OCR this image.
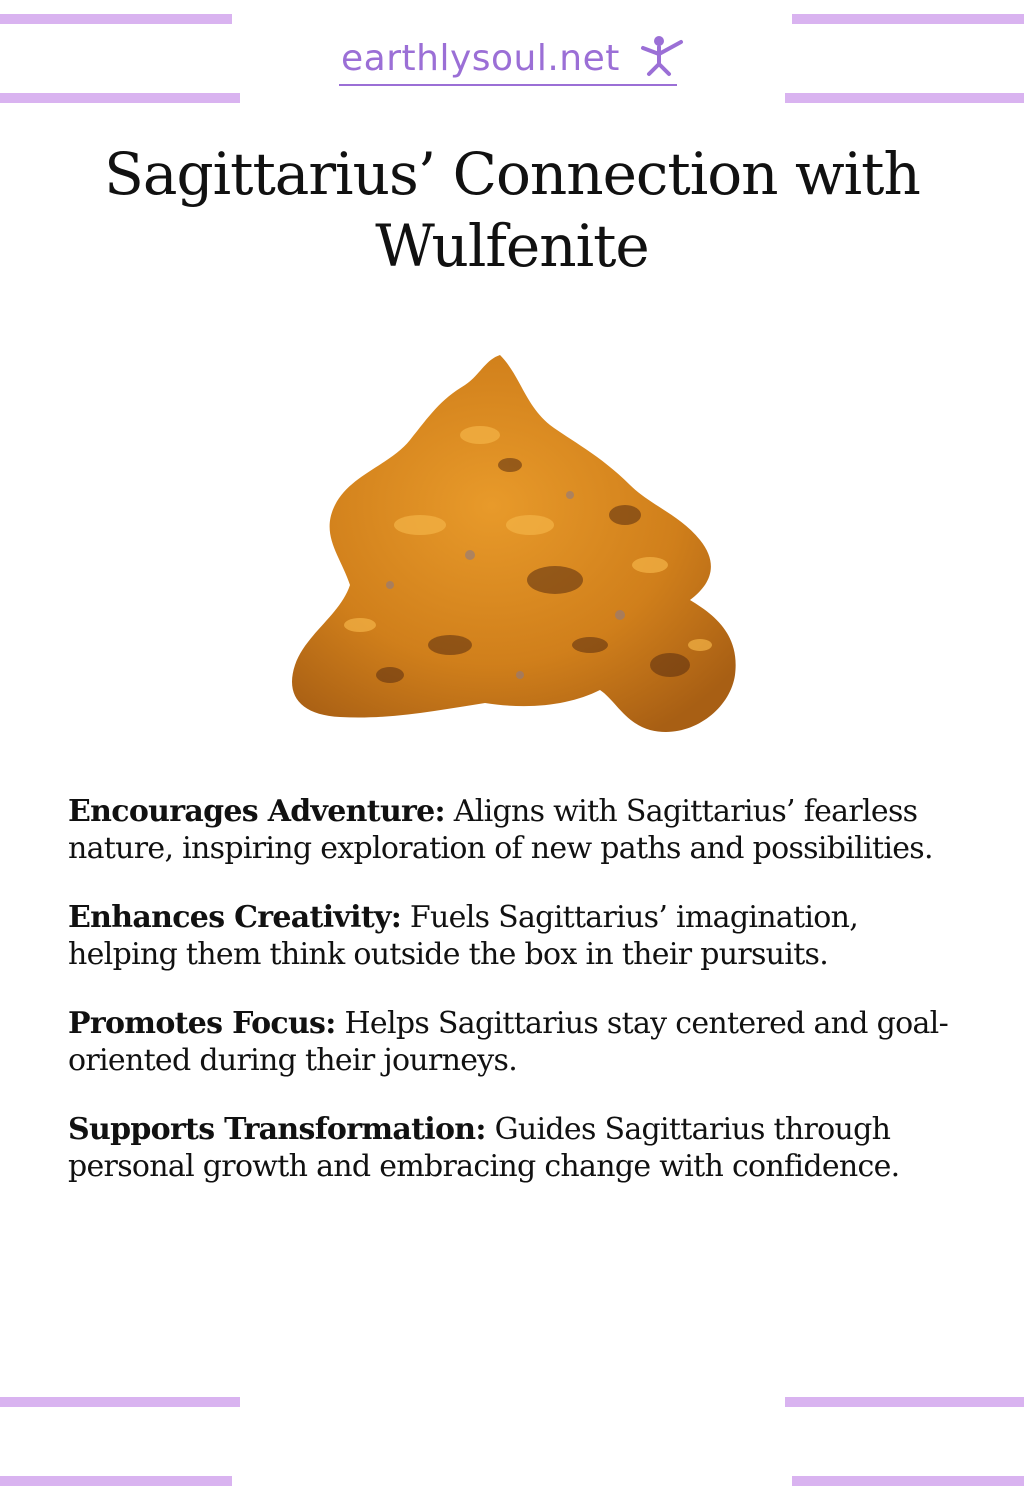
earthlysoul.net
Sagittarius’ Connection with Wulfenite

Encourages Adventure: Aligns with Sagittarius’ fearless nature, inspiring exploration of new paths and possibilities.

Enhances Creativity: Fuels Sagittarius’ imagination, helping them think outside the box in their pursuits.

Promotes Focus: Helps Sagittarius stay centered and goal-oriented during their journeys.

Supports Transformation: Guides Sagittarius through personal growth and embracing change with confidence.
